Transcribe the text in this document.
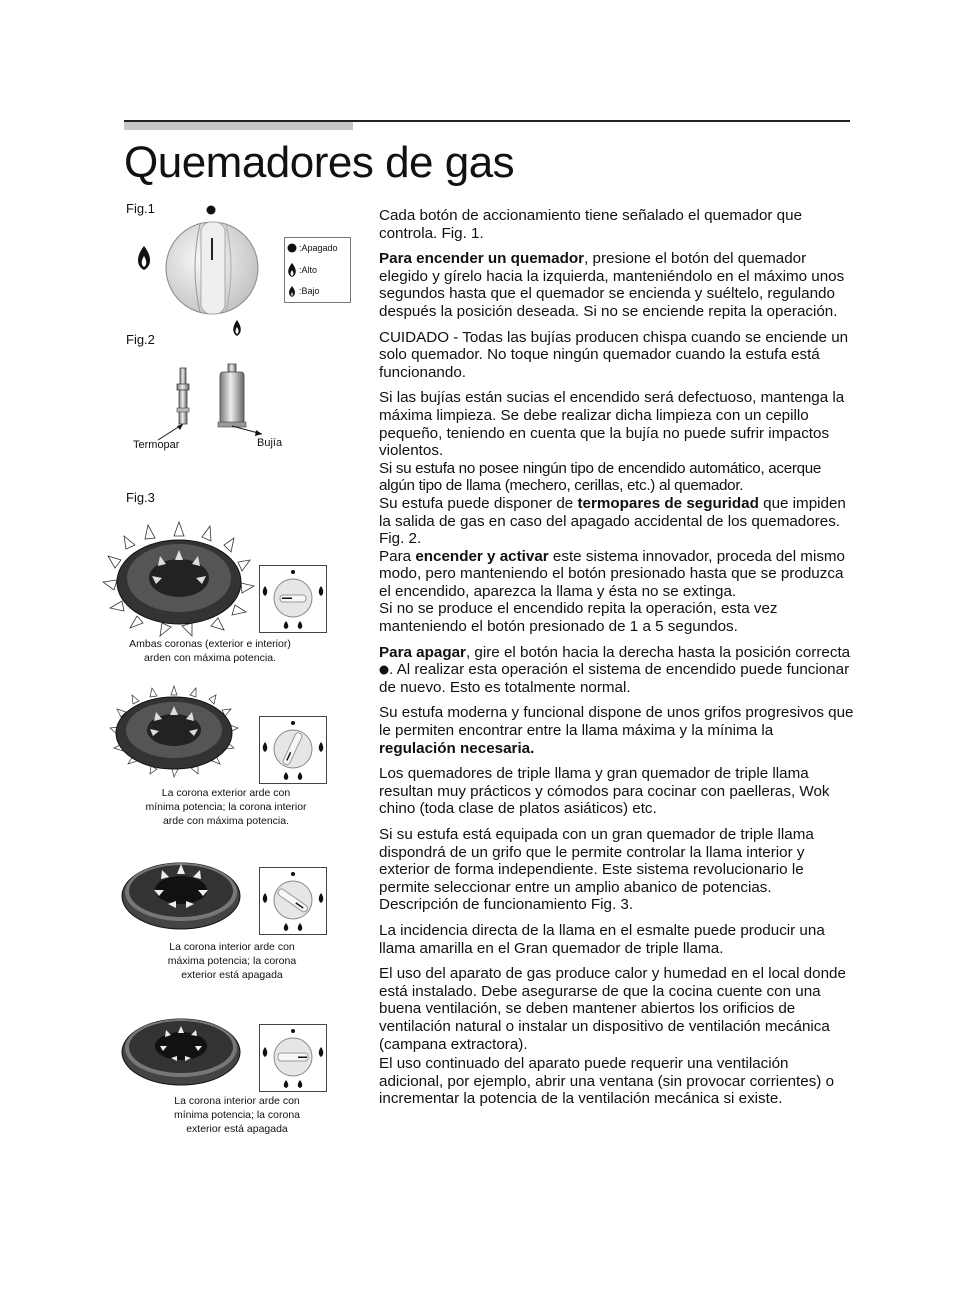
Quemadores de gas
Fig.1
:Apagado
:Alto
:Bajo
Fig.2
Termopar	Bujía
Fig.3
Ambas coronas (exterior e interior)
arden con máxima potencia.
La corona exterior arde con
mínima potencia; la corona interior
arde con máxima potencia.
La corona interior arde con
máxima potencia; la corona
exterior está apagada
La corona interior arde con
mínima potencia; la corona
exterior está apagada

Cada botón de accionamiento tiene señalado el quemador que controla. Fig. 1.

Para encender un quemador, presione el botón del quemador elegido y gírelo hacia la izquierda, manteniéndolo en el máximo unos segundos hasta que el quemador se encienda y suéltelo, regulando después la posición deseada. Si no se enciende repita la operación.

CUIDADO - Todas las bujías producen chispa cuando se enciende un solo quemador. No toque ningún quemador cuando la estufa está funcionando.

Si las bujías están sucias el encendido será defectuoso, mantenga la máxima limpieza. Se debe realizar dicha limpieza con un cepillo pequeño, teniendo en cuenta que la bujía no puede sufrir impactos violentos.

Si su estufa no posee ningún tipo de encendido automático, acerque algún tipo de llama (mechero, cerillas, etc.) al quemador.

Su estufa puede disponer de termopares de seguridad que impiden la salida de gas en caso del apagado accidental de los quemadores. Fig. 2.

Para encender y activar este sistema innovador, proceda del mismo modo, pero manteniendo el botón presionado hasta que se produzca el encendido, aparezca la llama y ésta no se extinga.

Si no se produce el encendido repita la operación, esta vez manteniendo el botón presionado de 1 a 5 segundos.

Para apagar, gire el botón hacia la derecha hasta la posición correcta . Al realizar esta operación el sistema de encendido puede funcionar de nuevo. Esto es totalmente normal.

Su estufa moderna y funcional dispone de unos grifos progresivos que le permiten encontrar entre la llama máxima y la mínima la regulación necesaria.

Los quemadores de triple llama y gran quemador de triple llama resultan muy prácticos y cómodos para cocinar con paelleras, Wok chino (toda clase de platos asiáticos) etc.

Si su estufa está equipada con un gran quemador de triple llama dispondrá de un grifo que le permite controlar la llama interior y exterior de forma independiente. Este sistema revolucionario le permite seleccionar entre un amplio abanico de potencias. Descripción de funcionamiento Fig. 3.

La incidencia directa de la llama en el esmalte puede producir una llama amarilla en el Gran quemador de triple llama.

El uso del aparato de gas produce calor y humedad en el local donde está instalado. Debe asegurarse de que la cocina cuente con una buena ventilación, se deben mantener abiertos los orificios de ventilación natural o instalar un dispositivo de ventilación mecánica (campana extractora).

El uso continuado del aparato puede requerir una ventilación adicional, por ejemplo, abrir una ventana (sin provocar corrientes) o incrementar la potencia de la ventilación mecánica si existe.
